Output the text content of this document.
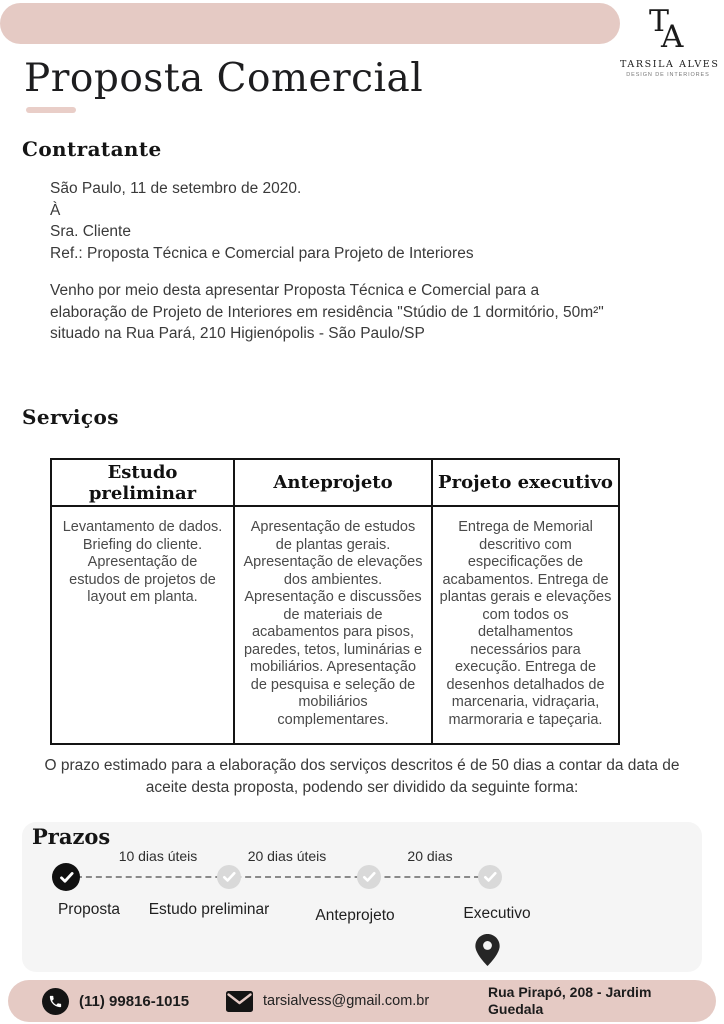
T
A
TARSILA ALVES
DESIGN DE INTERIORES
Proposta Comercial
Contratante
São Paulo, 11 de setembro de 2020.
À
Sra. Cliente
Ref.: Proposta Técnica e Comercial para Projeto de Interiores
Venho por meio desta apresentar Proposta Técnica e Comercial para a elaboração de Projeto de Interiores em residência "Stúdio de 1 dormitório, 50m²" situado na Rua Pará, 210 Higienópolis - São Paulo/SP
Serviços
Estudo preliminar	Anteprojeto	Projeto executivo
Levantamento de dados. Briefing do cliente. Apresentação de estudos de projetos de layout em planta.	Apresentação de estudos de plantas gerais. Apresentação de elevações dos ambientes. Apresentação e discussões de materiais de acabamentos para pisos, paredes, tetos, luminárias e mobiliários. Apresentação de pesquisa e seleção de mobiliários complementares.	Entrega de Memorial descritivo com especificações de acabamentos. Entrega de plantas gerais e elevações com todos os detalhamentos necessários para execução. Entrega de desenhos detalhados de marcenaria, vidraçaria, marmoraria e tapeçaria.
O prazo estimado para a elaboração dos serviços descritos é de 50 dias a contar da data de aceite desta proposta, podendo ser dividido da seguinte forma:
Prazos
10 dias úteis	20 dias úteis	20 dias
Proposta	Estudo preliminar	Anteprojeto	Executivo
(11) 99816-1015	tarsialvess@gmail.com.br
Rua Pirapó, 208 - Jardim Guedala
